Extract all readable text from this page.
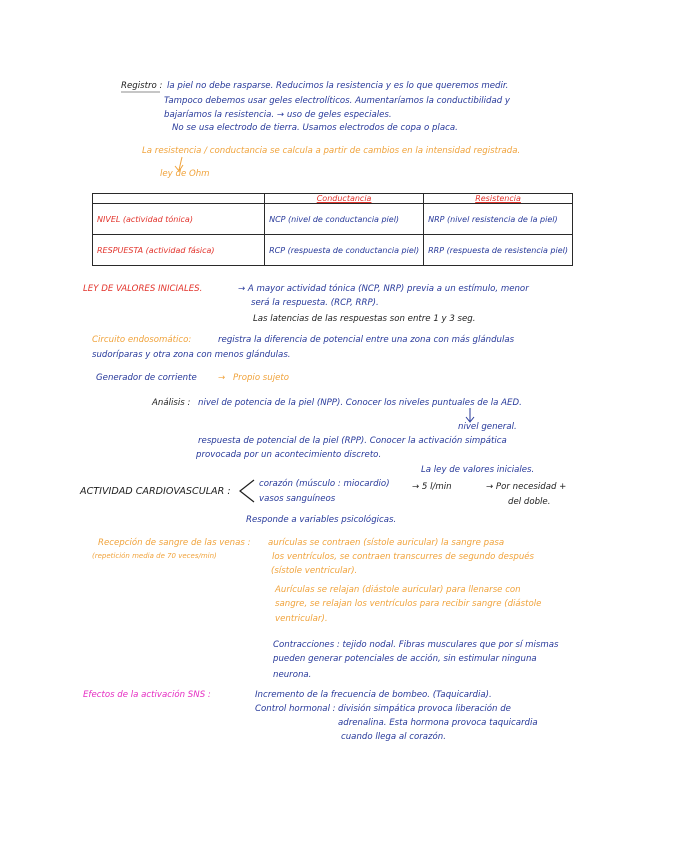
Registro : la piel no debe rasparse. Reducimos la resistencia y es lo que queremos medir.
Tampoco debemos usar geles electrolíticos. Aumentaríamos la conductibilidad y
bajaríamos la resistencia. → uso de geles especiales.
No se usa electrodo de tierra. Usamos electrodos de copa o placa.
La resistencia / conductancia se calcula a partir de cambios en la intensidad registrada.
ley de Ohm
	Conductancia	Resistencia
NIVEL (actividad tónica)	NCP (nivel de conductancia piel)	NRP (nivel resistencia de la piel)
RESPUESTA (actividad fásica)	RCP (respuesta de conductancia piel)	RRP (respuesta de resistencia piel)
LEY DE VALORES INICIALES.	→ A mayor actividad tónica (NCP, NRP) previa a un estímulo, menor
será la respuesta. (RCP, RRP).
Las latencias de las respuestas son entre 1 y 3 seg.
Circuito endosomático:	registra la diferencia de potencial entre una zona con más glándulas
sudoríparas y otra zona con menos glándulas.
Generador de corriente → Propio sujeto
Análisis : nivel de potencia de la piel (NPP). Conocer los niveles puntuales de la AED.
nivel general.
respuesta de potencial de la piel (RPP). Conocer la activación simpática
provocada por un acontecimiento discreto.
La ley de valores iniciales.
ACTIVIDAD CARDIOVASCULAR :
corazón (músculo : miocardio)
vasos sanguíneos
→ 5 l/min	→ Por necesidad +
del doble.
Responde a variables psicológicas.
Recepción de sangre de las venas :
(repetición media de 70 veces/min)
aurículas se contraen (sístole auricular) la sangre pasa
los ventrículos, se contraen transcurres de segundo después
(sístole ventricular).
Aurículas se relajan (diástole auricular) para llenarse con
sangre, se relajan los ventrículos para recibir sangre (diástole
ventricular).
Contracciones : tejido nodal. Fibras musculares que por sí mismas
pueden generar potenciales de acción, sin estimular ninguna
neurona.
Efectos de la activación SNS :	Incremento de la frecuencia de bombeo. (Taquicardia).
Control hormonal : división simpática provoca liberación de
adrenalina. Esta hormona provoca taquicardia
cuando llega al corazón.
